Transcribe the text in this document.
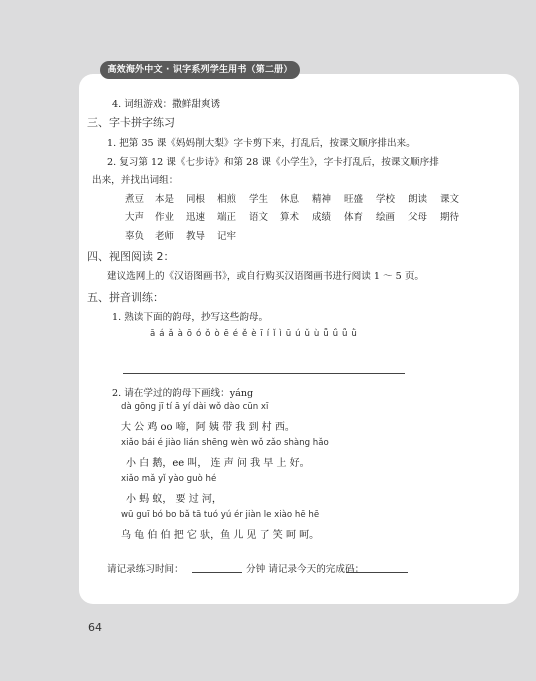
高效海外中文 · 识字系列学生用书（第二册）
4. 词组游戏：撒鲜甜爽诱
三、字卡拼字练习
1. 把第 35 课《妈妈削大梨》字卡剪下来，打乱后，按课文顺序排出来。
2. 复习第 12 课《七步诗》和第 28 课《小学生》，字卡打乱后，按课文顺序排
出来，并找出词组：
煮豆 本是 同根 相煎 学生 休息 精神 旺盛 学校 朗读 课文
大声 作业 迅速 端正 语文 算术 成绩 体育 绘画 父母 期待
辜负 老师 教导 记牢
四、视图阅读 2：
建议选网上的《汉语图画书》，或自行购买汉语图画书进行阅读 1 ～ 5 页。
五、拼音训练：
1. 熟读下面的韵母，抄写这些韵母。
ā á ǎ à ō ó ǒ ò ē é ě è ī í ǐ ì ū ú ǔ ù ǖ ǘ ǚ ǜ
2. 请在学过的韵母下画线：yáng
dà gōng jī tí ā yí dài wǒ dào cūn xī
大 公 鸡 oo 啼，阿 姨 带 我 到 村 西。
xiǎo bái é jiào lián shēng wèn wǒ zǎo shàng hǎo
小 白 鹅，ee 叫， 连 声 问 我 早 上 好。
xiǎo mǎ yǐ yào guò hé
小 蚂 蚁， 要 过 河，
wū guī bó bo bǎ tā tuó yú ér jiàn le xiào hē hē
乌 龟 伯 伯 把 它 驮，鱼 儿 见 了 笑 呵 呵。
请记录练习时间：	分钟 请记录今天的完成码：
64
